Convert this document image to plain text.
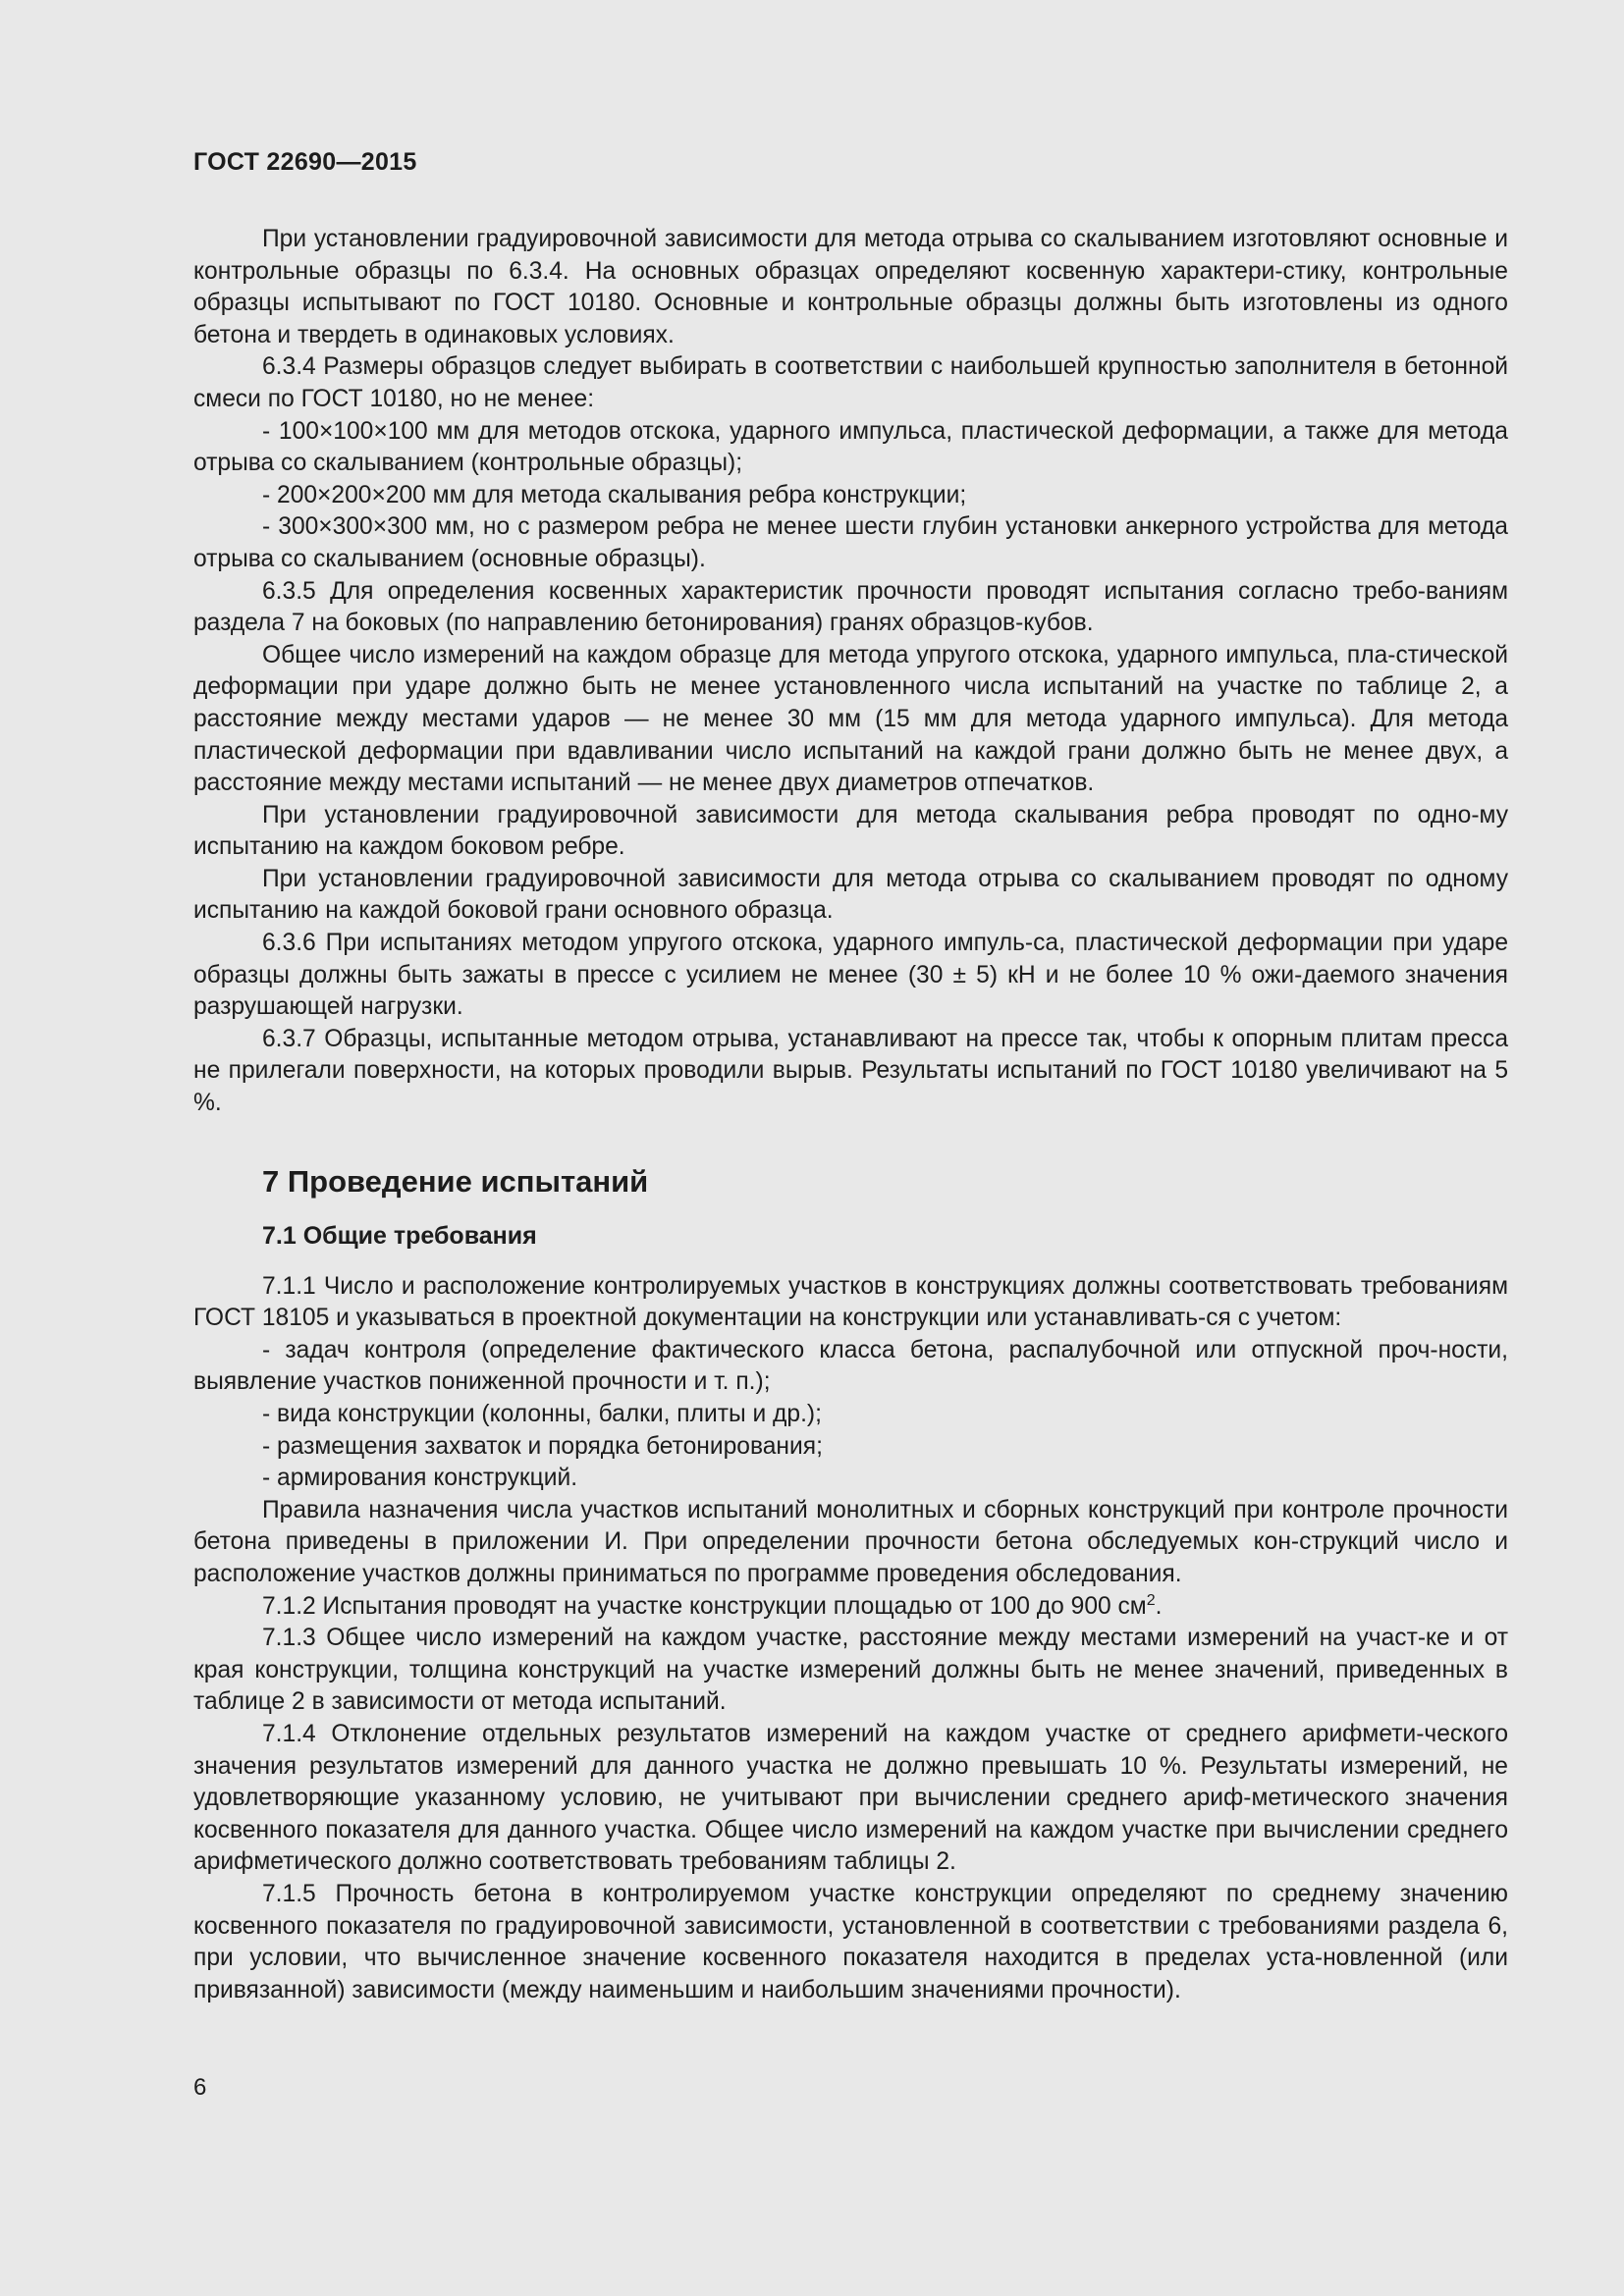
ГОСТ 22690—2015

При установлении градуировочной зависимости для метода отрыва со скалыванием изготовляют основные и контрольные образцы по 6.3.4. На основных образцах определяют косвенную характери-стику, контрольные образцы испытывают по ГОСТ 10180. Основные и контрольные образцы должны быть изготовлены из одного бетона и твердеть в одинаковых условиях.

6.3.4 Размеры образцов следует выбирать в соответствии с наибольшей крупностью заполнителя в бетонной смеси по ГОСТ 10180, но не менее:

- 100×100×100 мм для методов отскока, ударного импульса, пластической деформации, а также для метода отрыва со скалыванием (контрольные образцы);

- 200×200×200 мм для метода скалывания ребра конструкции;

- 300×300×300 мм, но с размером ребра не менее шести глубин установки анкерного устройства для метода отрыва со скалыванием (основные образцы).

6.3.5 Для определения косвенных характеристик прочности проводят испытания согласно требо-ваниям раздела 7 на боковых (по направлению бетонирования) гранях образцов-кубов.

Общее число измерений на каждом образце для метода упругого отскока, ударного импульса, пла-стической деформации при ударе должно быть не менее установленного числа испытаний на участке по таблице 2, а расстояние между местами ударов — не менее 30 мм (15 мм для метода ударного импульса). Для метода пластической деформации при вдавливании число испытаний на каждой грани должно быть не менее двух, а расстояние между местами испытаний — не менее двух диаметров отпечатков.

При установлении градуировочной зависимости для метода скалывания ребра проводят по одно-му испытанию на каждом боковом ребре.

При установлении градуировочной зависимости для метода отрыва со скалыванием проводят по одному испытанию на каждой боковой грани основного образца.

6.3.6 При испытаниях методом упругого отскока, ударного импуль-са, пластической деформации при ударе образцы должны быть зажаты в прессе с усилием не менее (30 ± 5) кН и не более 10 % ожи-даемого значения разрушающей нагрузки.

6.3.7 Образцы, испытанные методом отрыва, устанавливают на прессе так, чтобы к опорным плитам пресса не прилегали поверхности, на которых проводили вырыв. Результаты испытаний по ГОСТ 10180 увеличивают на 5 %.

7 Проведение испытаний
7.1 Общие требования

7.1.1 Число и расположение контролируемых участков в конструкциях должны соответствовать требованиям ГОСТ 18105 и указываться в проектной документации на конструкции или устанавливать-ся с учетом:

- задач контроля (определение фактического класса бетона, распалубочной или отпускной проч-ности, выявление участков пониженной прочности и т. п.);

- вида конструкции (колонны, балки, плиты и др.);

- размещения захваток и порядка бетонирования;

- армирования конструкций.

Правила назначения числа участков испытаний монолитных и сборных конструкций при контроле прочности бетона приведены в приложении И. При определении прочности бетона обследуемых кон-струкций число и расположение участков должны приниматься по программе проведения обследования.

7.1.2 Испытания проводят на участке конструкции площадью от 100 до 900 $см^2$.

7.1.3 Общее число измерений на каждом участке, расстояние между местами измерений на участ-ке и от края конструкции, толщина конструкций на участке измерений должны быть не менее значений, приведенных в таблице 2 в зависимости от метода испытаний.

7.1.4 Отклонение отдельных результатов измерений на каждом участке от среднего арифмети-ческого значения результатов измерений для данного участка не должно превышать 10 %. Результаты измерений, не удовлетворяющие указанному условию, не учитывают при вычислении среднего ариф-метического значения косвенного показателя для данного участка. Общее число измерений на каждом участке при вычислении среднего арифметического должно соответствовать требованиям таблицы 2.

7.1.5 Прочность бетона в контролируемом участке конструкции определяют по среднему значению косвенного показателя по градуировочной зависимости, установленной в соответствии с требованиями раздела 6, при условии, что вычисленное значение косвенного показателя находится в пределах уста-новленной (или привязанной) зависимости (между наименьшим и наибольшим значениями прочности).

6
